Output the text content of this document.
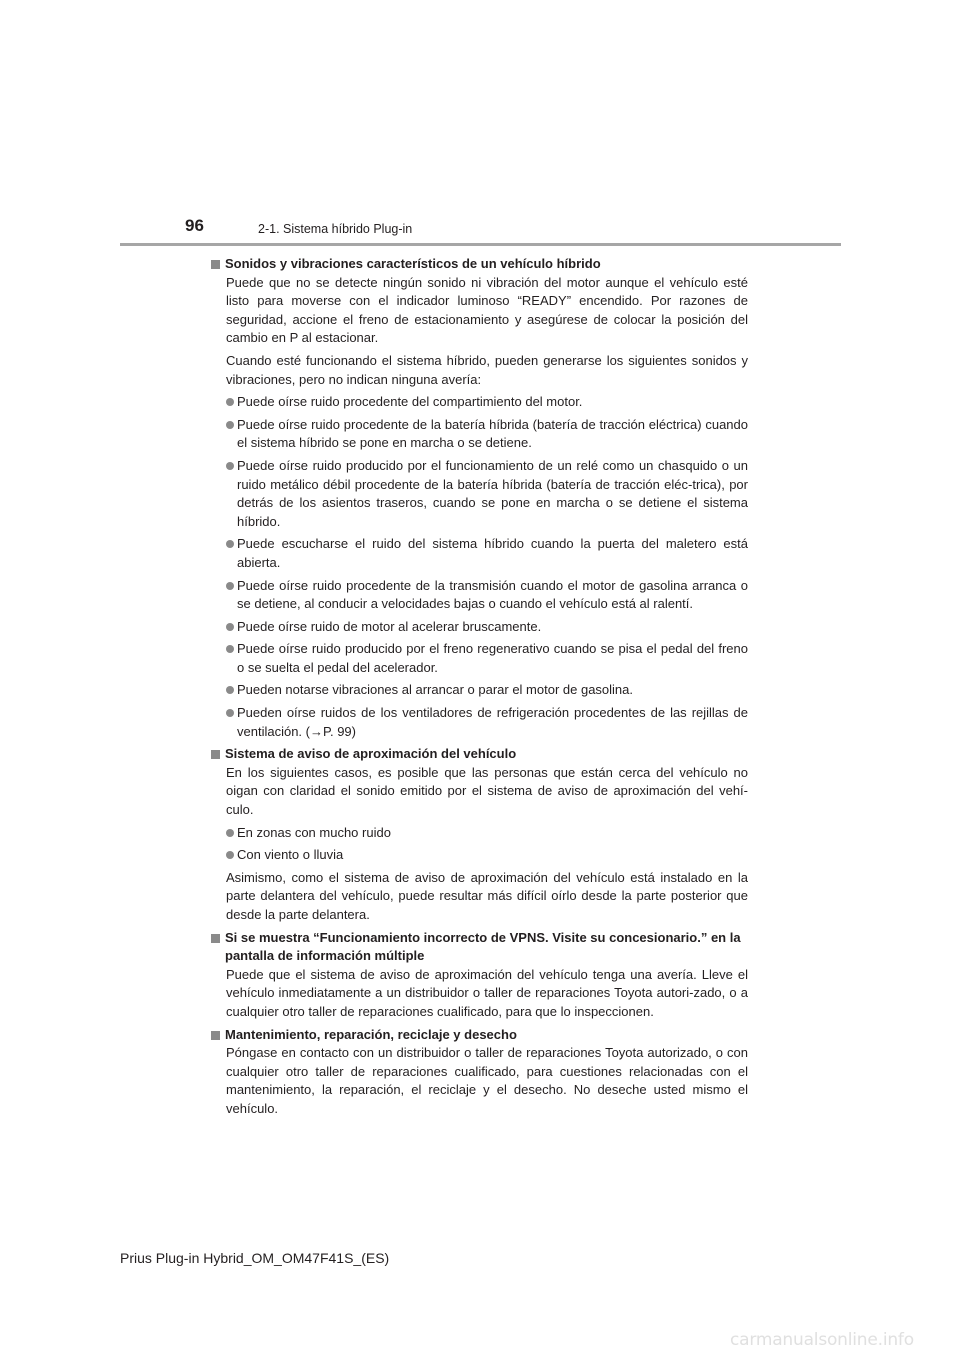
96	2-1. Sistema híbrido Plug-in
Sonidos y vibraciones característicos de un vehículo híbrido
Puede que no se detecte ningún sonido ni vibración del motor aunque el vehículo esté listo para moverse con el indicador luminoso “READY” encendido. Por razones de seguridad, accione el freno de estacionamiento y asegúrese de colocar la posición del cambio en P al estacionar.
Cuando esté funcionando el sistema híbrido, pueden generarse los siguientes sonidos y vibraciones, pero no indican ninguna avería:
Puede oírse ruido procedente del compartimiento del motor.
Puede oírse ruido procedente de la batería híbrida (batería de tracción eléctrica) cuando el sistema híbrido se pone en marcha o se detiene.
Puede oírse ruido producido por el funcionamiento de un relé como un chasquido o un ruido metálico débil procedente de la batería híbrida (batería de tracción eléc-trica), por detrás de los asientos traseros, cuando se pone en marcha o se detiene el sistema híbrido.
Puede escucharse el ruido del sistema híbrido cuando la puerta del maletero está abierta.
Puede oírse ruido procedente de la transmisión cuando el motor de gasolina arranca o se detiene, al conducir a velocidades bajas o cuando el vehículo está al ralentí.
Puede oírse ruido de motor al acelerar bruscamente.
Puede oírse ruido producido por el freno regenerativo cuando se pisa el pedal del freno o se suelta el pedal del acelerador.
Pueden notarse vibraciones al arrancar o parar el motor de gasolina.
Pueden oírse ruidos de los ventiladores de refrigeración procedentes de las rejillas de ventilación. (→P. 99)
Sistema de aviso de aproximación del vehículo
En los siguientes casos, es posible que las personas que están cerca del vehículo no oigan con claridad el sonido emitido por el sistema de aviso de aproximación del vehí-culo.
En zonas con mucho ruido
Con viento o lluvia
Asimismo, como el sistema de aviso de aproximación del vehículo está instalado en la parte delantera del vehículo, puede resultar más difícil oírlo desde la parte posterior que desde la parte delantera.
Si se muestra “Funcionamiento incorrecto de VPNS. Visite su concesionario.” en la pantalla de información múltiple
Puede que el sistema de aviso de aproximación del vehículo tenga una avería. Lleve el vehículo inmediatamente a un distribuidor o taller de reparaciones Toyota autori-zado, o a cualquier otro taller de reparaciones cualificado, para que lo inspeccionen.
Mantenimiento, reparación, reciclaje y desecho
Póngase en contacto con un distribuidor o taller de reparaciones Toyota autorizado, o con cualquier otro taller de reparaciones cualificado, para cuestiones relacionadas con el mantenimiento, la reparación, el reciclaje y el desecho. No deseche usted mismo el vehículo.
Prius Plug-in Hybrid_OM_OM47F41S_(ES)
carmanualsonline.info
